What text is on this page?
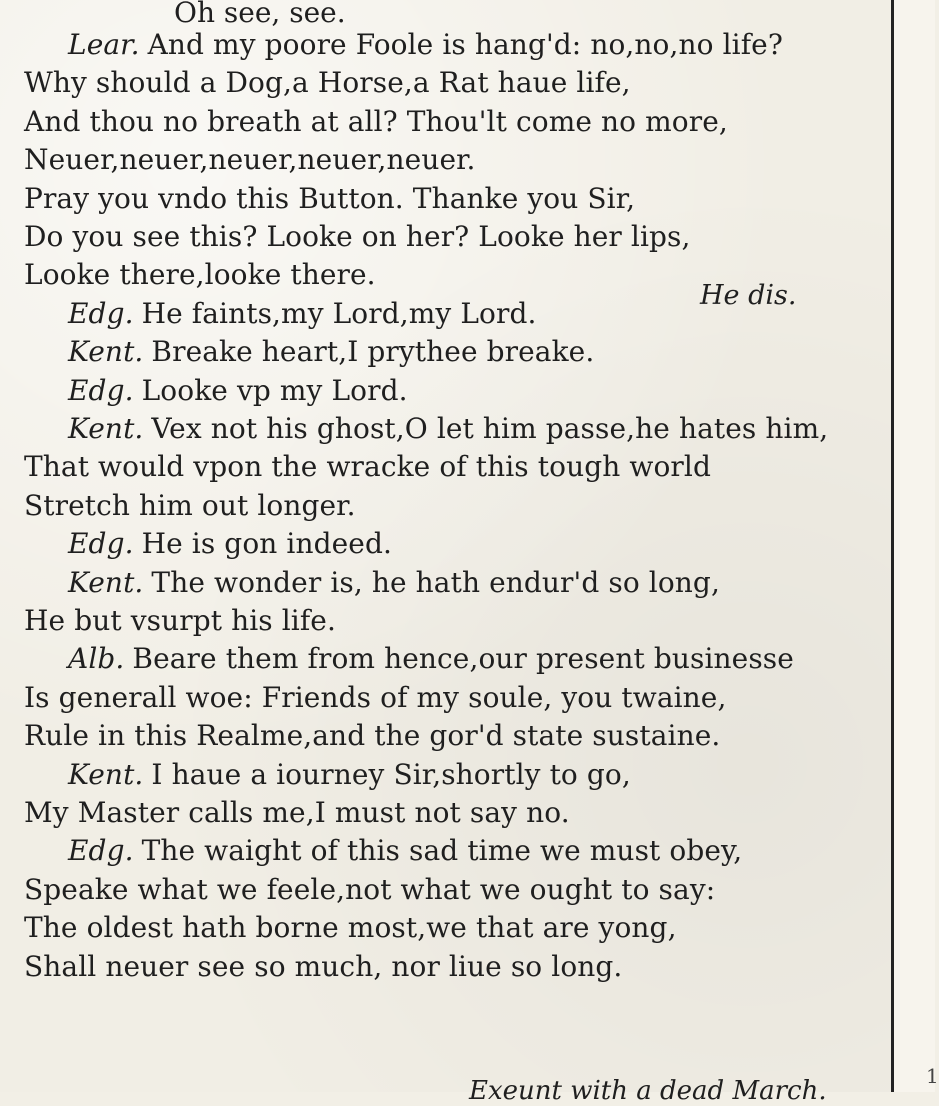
1
Oh see, see.
Lear. And my poore Foole is hang'd: no,no,no life?
Why should a Dog,a Horse,a Rat haue life,
And thou no breath at all? Thou'lt come no more,
Neuer,neuer,neuer,neuer,neuer.
Pray you vndo this Button. Thanke you Sir,
Do you see this? Looke on her? Looke her lips,
Looke there,looke there.
Edg. He faints,my Lord,my Lord.
Kent. Breake heart,I prythee breake.
Edg. Looke vp my Lord.
Kent. Vex not his ghost,O let him passe,he hates him,
That would vpon the wracke of this tough world
Stretch him out longer.
Edg. He is gon indeed.
Kent. The wonder is, he hath endur'd so long,
He but vsurpt his life.
Alb. Beare them from hence,our present businesse
Is generall woe: Friends of my soule, you twaine,
Rule in this Realme,and the gor'd state sustaine.
Kent. I haue a iourney Sir,shortly to go,
My Master calls me,I must not say no.
Edg. The waight of this sad time we must obey,
Speake what we feele,not what we ought to say:
The oldest hath borne most,we that are yong,
Shall neuer see so much, nor liue so long.
He dis.
Exeunt with a dead March.
